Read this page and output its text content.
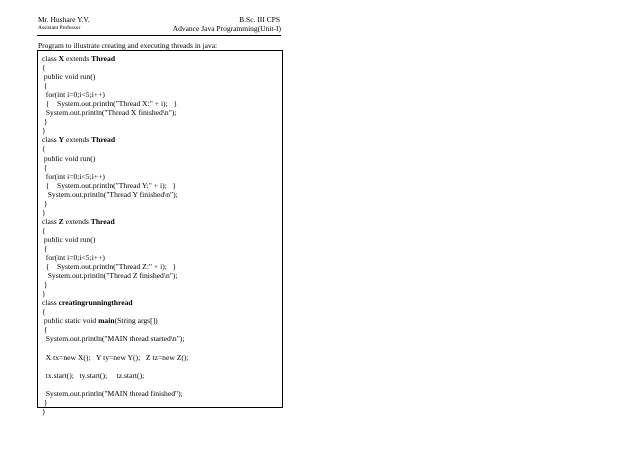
Mr. Hushare Y.V.
Assistant Professor
B.Sc. III CPS
Advance Java Programming(Unit-I)
Program to illustrate creating and executing threads in java:
class X extends Thread
{
public void run()
{
for(int i=0;i<5;i++)
{    System.out.println("Thread X:" + i);   }
System.out.println("Thread X finished\n");
}
}
class Y extends Thread
{
public void run()
{
for(int i=0;i<5;i++)
{    System.out.println("Thread Y:" + i);   }
System.out.println("Thread Y finished\n");
}
}
class Z extends Thread
{
public void run()
{
for(int i=0;i<5;i++)
{    System.out.println("Thread Z:" + i);   }
System.out.println("Thread Z finished\n");
}
}
class creatingrunningthread
{
public static void main(String args[])
{
System.out.println("MAIN thread started\n");
X tx=new X();   Y ty=new Y();   Z tz=new Z();
tx.start();   ty.start();     tz.start();
System.out.println("MAIN thread finished");
}
}
